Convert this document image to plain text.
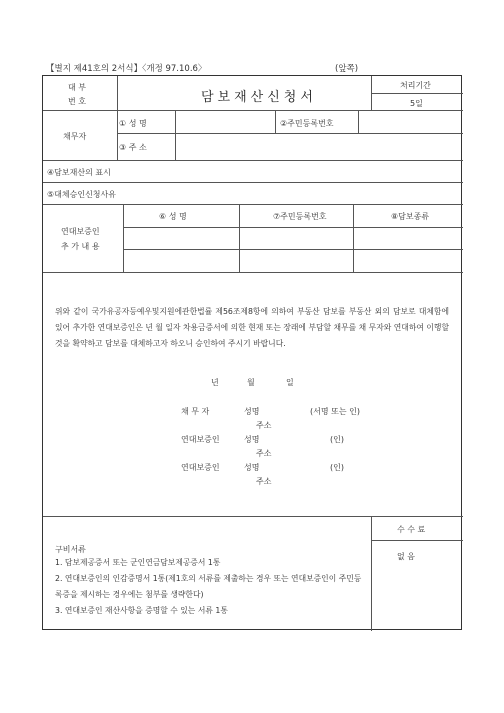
【별지 제41호의 2서식】〈개정 97.10.6〉	(앞쪽)
대 부
번 호	담보재산신청서
처리기간
5일
채무자
① 성 명	②주민등록번호
③ 주 소
④담보재산의 표시
⑤대체승인신청사유
연대보증인
추 가 내 용
⑥ 성 명	⑦주민등록번호	⑧담보종류
위와 같이 국가유공자등예우및지원에관한법률 제56조제8항에 의하여 부동산 담보를 부동산 외의 담보로 대체함에 있어 추가한 연대보증인은 년 월 일자 차용금증서에 의한 현재 또는 장래에 부담할 채무를 채 무자와 연대하여 이행할 것을 확약하고 담보를 대체하고자 하오니 승인하여 주시기 바랍니다.
년	월	일
채 무 자	성명	(서명 또는 인)
주소
연대보증인	성명	(인)
주소
연대보증인	성명	(인)
주소
구비서류
1. 담보제공증서 또는 군인연금담보제공증서 1통
2. 연대보증인의 인감증명서 1통(제1호의 서류를 제출하는 경우 또는 연대보증인이 주민등록증을 제시하는 경우에는 첨부를 생략한다)
3. 연대보증인 재산사항을 증명할 수 있는 서류 1통
수 수 료
없 음
